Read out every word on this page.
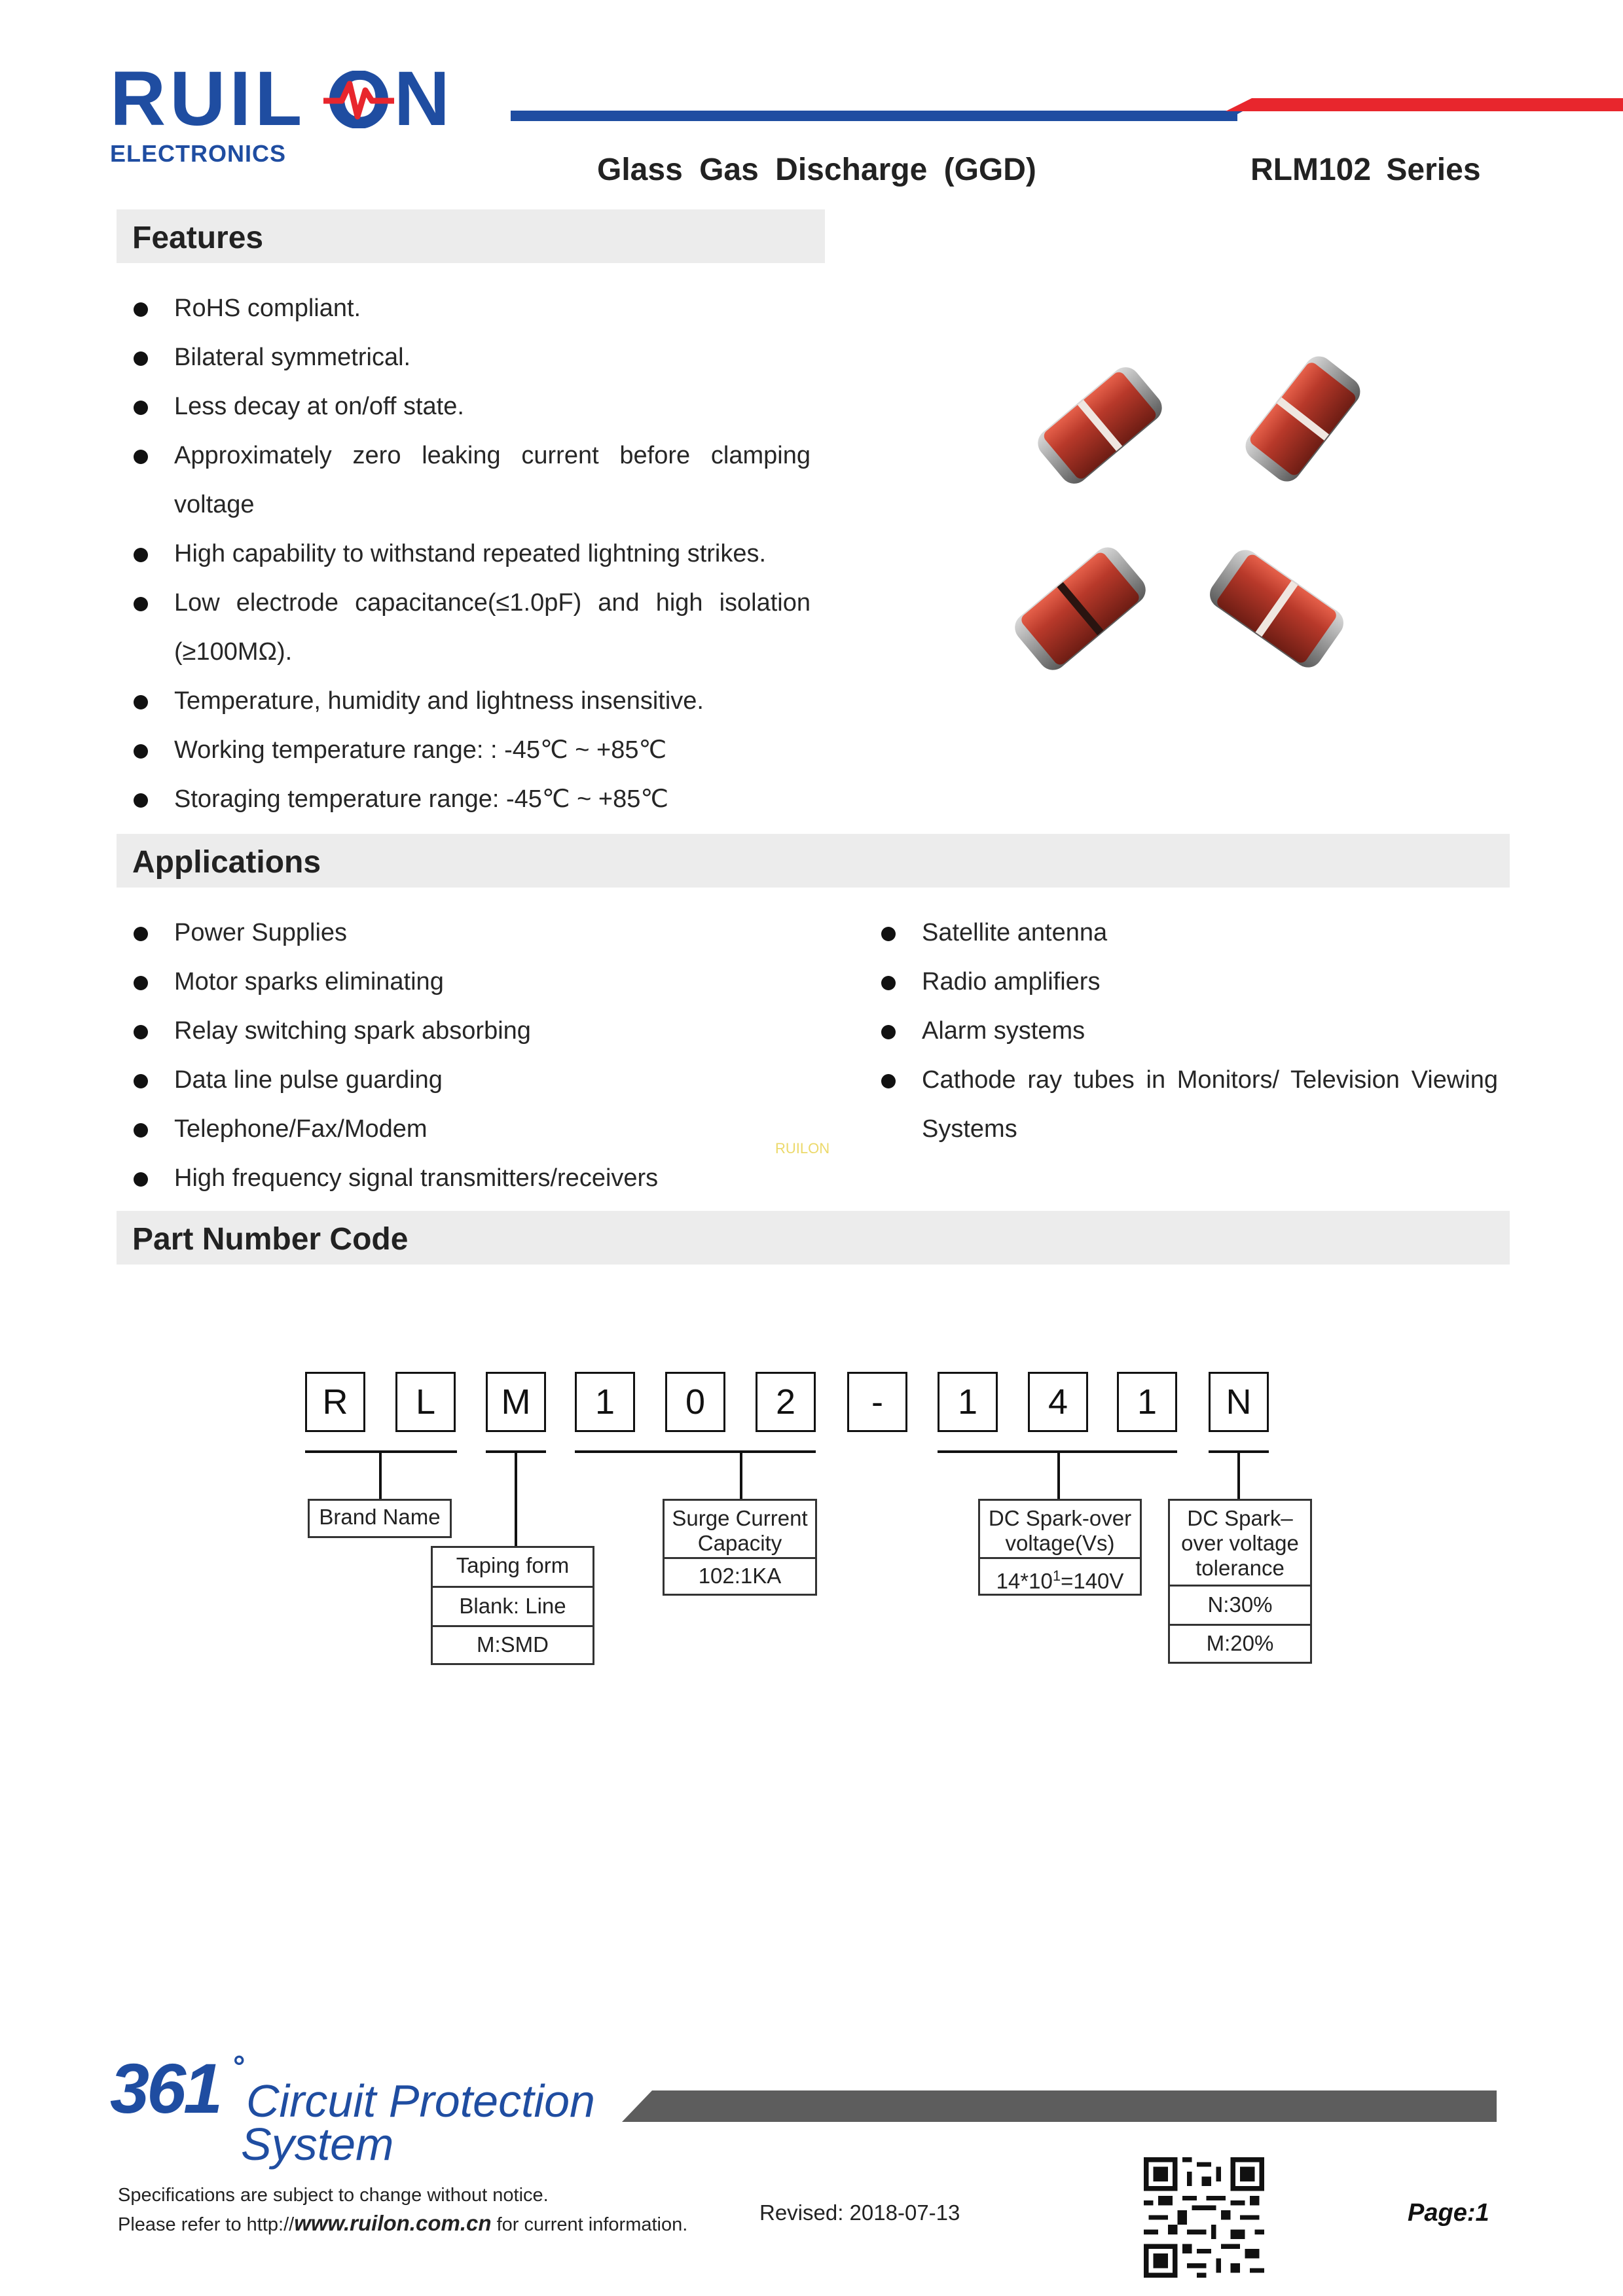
RUIL ON
ELECTRONICS	Glass Gas Discharge (GGD)	RLM102 Series
Features
RoHS compliant.
Bilateral symmetrical.
Less decay at on/off state.
Approximately zero leaking current before clamping voltage
High capability to withstand repeated lightning strikes.
Low electrode capacitance(≤1.0pF) and high isolation (≥100MΩ).
Temperature, humidity and lightness insensitive.
Working temperature range: : -45℃ ~ +85℃
Storaging temperature range: -45℃ ~ +85℃
Applications
Power Supplies
Motor sparks eliminating
Relay switching spark absorbing
Data line pulse guarding
Telephone/Fax/Modem
High frequency signal transmitters/receivers
Satellite antenna
Radio amplifiers
Alarm systems
Cathode ray tubes in Monitors/ Television Viewing Systems
RUILON
Part Number Code
R	L	M	1	0	2	-	1	4	1	N
Brand Name
Taping form
Blank: Line
M:SMD
Surge Current
Capacity
102:1KA
DC Spark-over
voltage(Vs)
$14*10^1=140V$
DC Spark–
over voltage
tolerance
N:30%
M:20%
361 °
Circuit Protection
System
Specifications are subject to change without notice.
Please refer to http://www.ruilon.com.cn for current information.	Revised: 2018-07-13	Page:1
